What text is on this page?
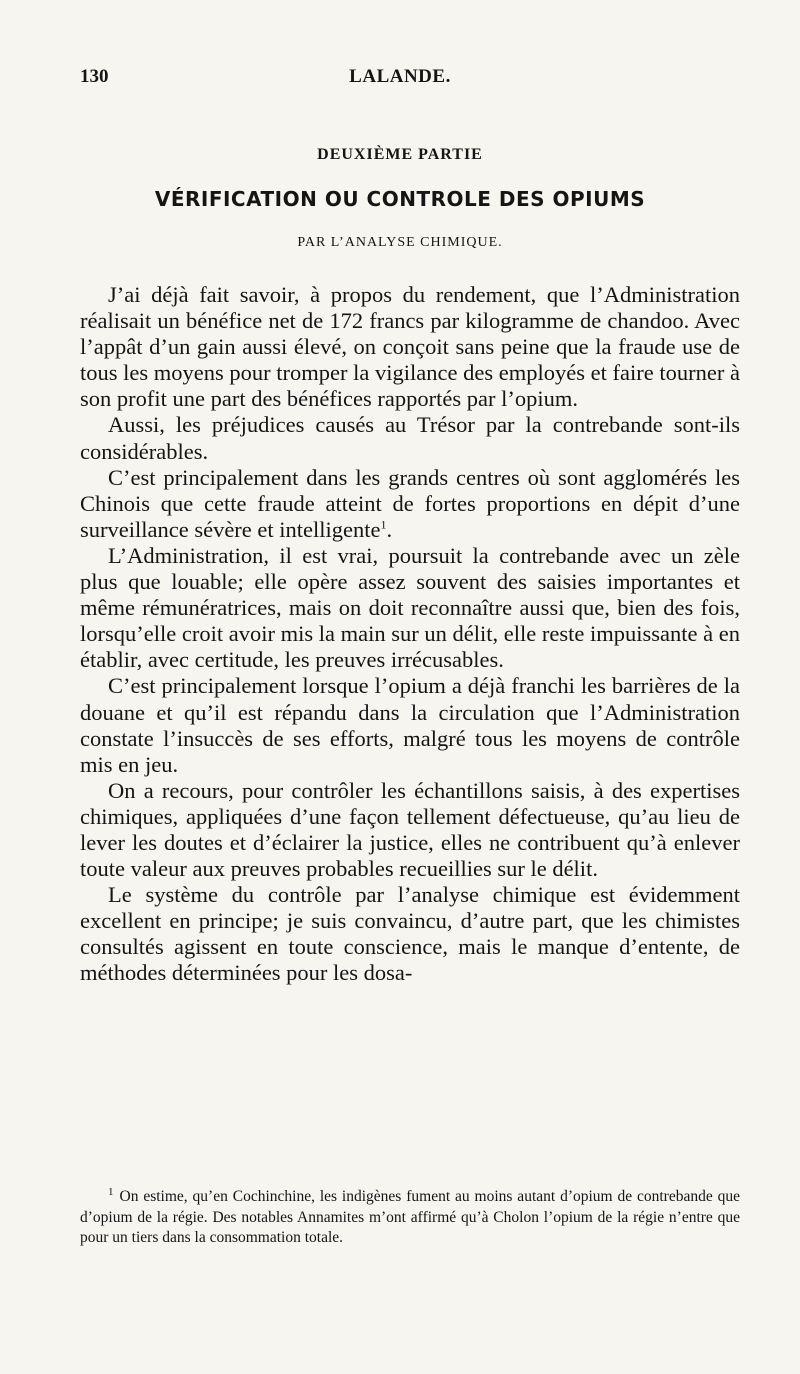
130	LALANDE.
DEUXIÈME PARTIE
VÉRIFICATION OU CONTROLE DES OPIUMS
PAR L’ANALYSE CHIMIQUE.

J’ai déjà fait savoir, à propos du rendement, que l’Administration réalisait un bénéfice net de 172 francs par kilogramme de chandoo. Avec l’appât d’un gain aussi élevé, on conçoit sans peine que la fraude use de tous les moyens pour tromper la vigilance des employés et faire tourner à son profit une part des bénéfices rapportés par l’opium.

Aussi, les préjudices causés au Trésor par la contrebande sont-ils considérables.

C’est principalement dans les grands centres où sont agglomérés les Chinois que cette fraude atteint de fortes proportions en dépit d’une surveillance sévère et intelligente$^1$.

L’Administration, il est vrai, poursuit la contrebande avec un zèle plus que louable; elle opère assez souvent des saisies importantes et même rémunératrices, mais on doit reconnaître aussi que, bien des fois, lorsqu’elle croit avoir mis la main sur un délit, elle reste impuissante à en établir, avec certitude, les preuves irrécusables.

C’est principalement lorsque l’opium a déjà franchi les barrières de la douane et qu’il est répandu dans la circulation que l’Administration constate l’insuccès de ses efforts, malgré tous les moyens de contrôle mis en jeu.

On a recours, pour contrôler les échantillons saisis, à des expertises chimiques, appliquées d’une façon tellement défectueuse, qu’au lieu de lever les doutes et d’éclairer la justice, elles ne contribuent qu’à enlever toute valeur aux preuves probables recueillies sur le délit.

Le système du contrôle par l’analyse chimique est évidemment excellent en principe; je suis convaincu, d’autre part, que les chimistes consultés agissent en toute conscience, mais le manque d’entente, de méthodes déterminées pour les dosa-

$^1$ On estime, qu’en Cochinchine, les indigènes fument au moins autant d’opium de contrebande que d’opium de la régie. Des notables Annamites m’ont affirmé qu’à Cholon l’opium de la régie n’entre que pour un tiers dans la consommation totale.
